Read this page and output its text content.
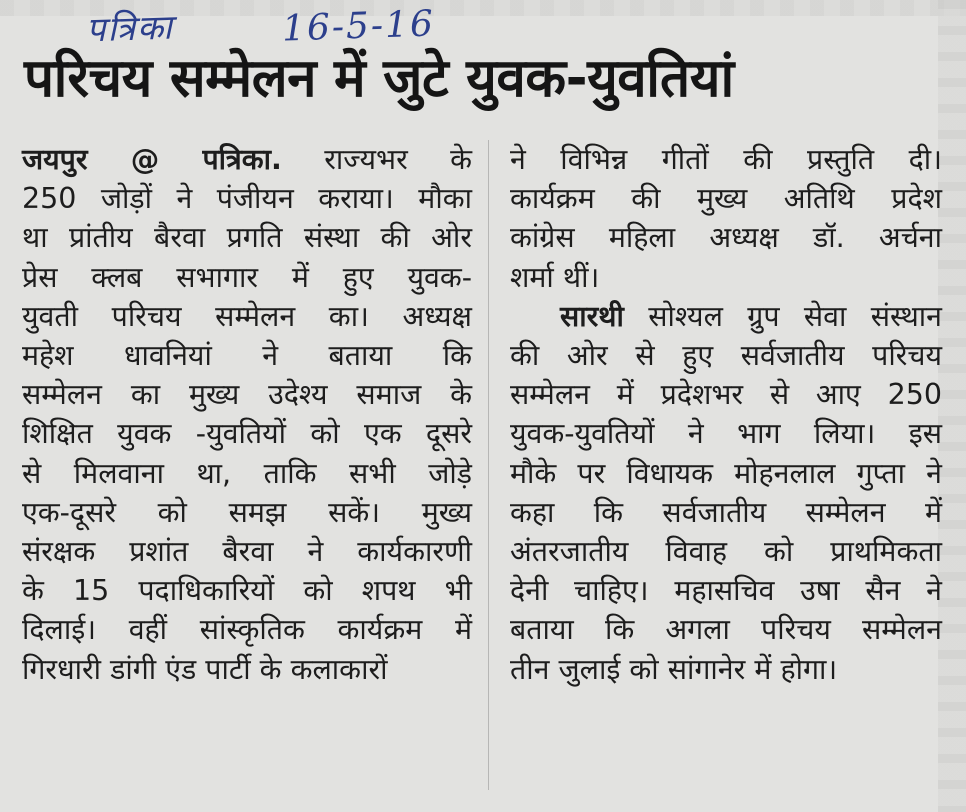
पत्रिका	16-5-16
परिचय सम्मेलन में जुटे युवक-युवतियां
जयपुर @ पत्रिका. राज्यभर के
250 जोड़ों ने पंजीयन कराया। मौका
था प्रांतीय बैरवा प्रगति संस्था की ओर
प्रेस क्लब सभागार में हुए युवक-
युवती परिचय सम्मेलन का। अध्यक्ष
महेश धावनियां ने बताया कि
सम्मेलन का मुख्य उदेश्य समाज के
शिक्षित युवक -युवतियों को एक दूसरे
से मिलवाना था, ताकि सभी जोड़े
एक-दूसरे को समझ सकें। मुख्य
संरक्षक प्रशांत बैरवा ने कार्यकारणी
के 15 पदाधिकारियों को शपथ भी
दिलाई। वहीं सांस्कृतिक कार्यक्रम में
गिरधारी डांगी एंड पार्टी के कलाकारों
ने विभिन्न गीतों की प्रस्तुति दी।
कार्यक्रम की मुख्य अतिथि प्रदेश
कांग्रेस महिला अध्यक्ष डॉ. अर्चना
शर्मा थीं।
सारथी सोश्यल ग्रुप सेवा संस्थान
की ओर से हुए सर्वजातीय परिचय
सम्मेलन में प्रदेशभर से आए 250
युवक-युवतियों ने भाग लिया। इस
मौके पर विधायक मोहनलाल गुप्ता ने
कहा कि सर्वजातीय सम्मेलन में
अंतरजातीय विवाह को प्राथमिकता
देनी चाहिए। महासचिव उषा सैन ने
बताया कि अगला परिचय सम्मेलन
तीन जुलाई को सांगानेर में होगा।
